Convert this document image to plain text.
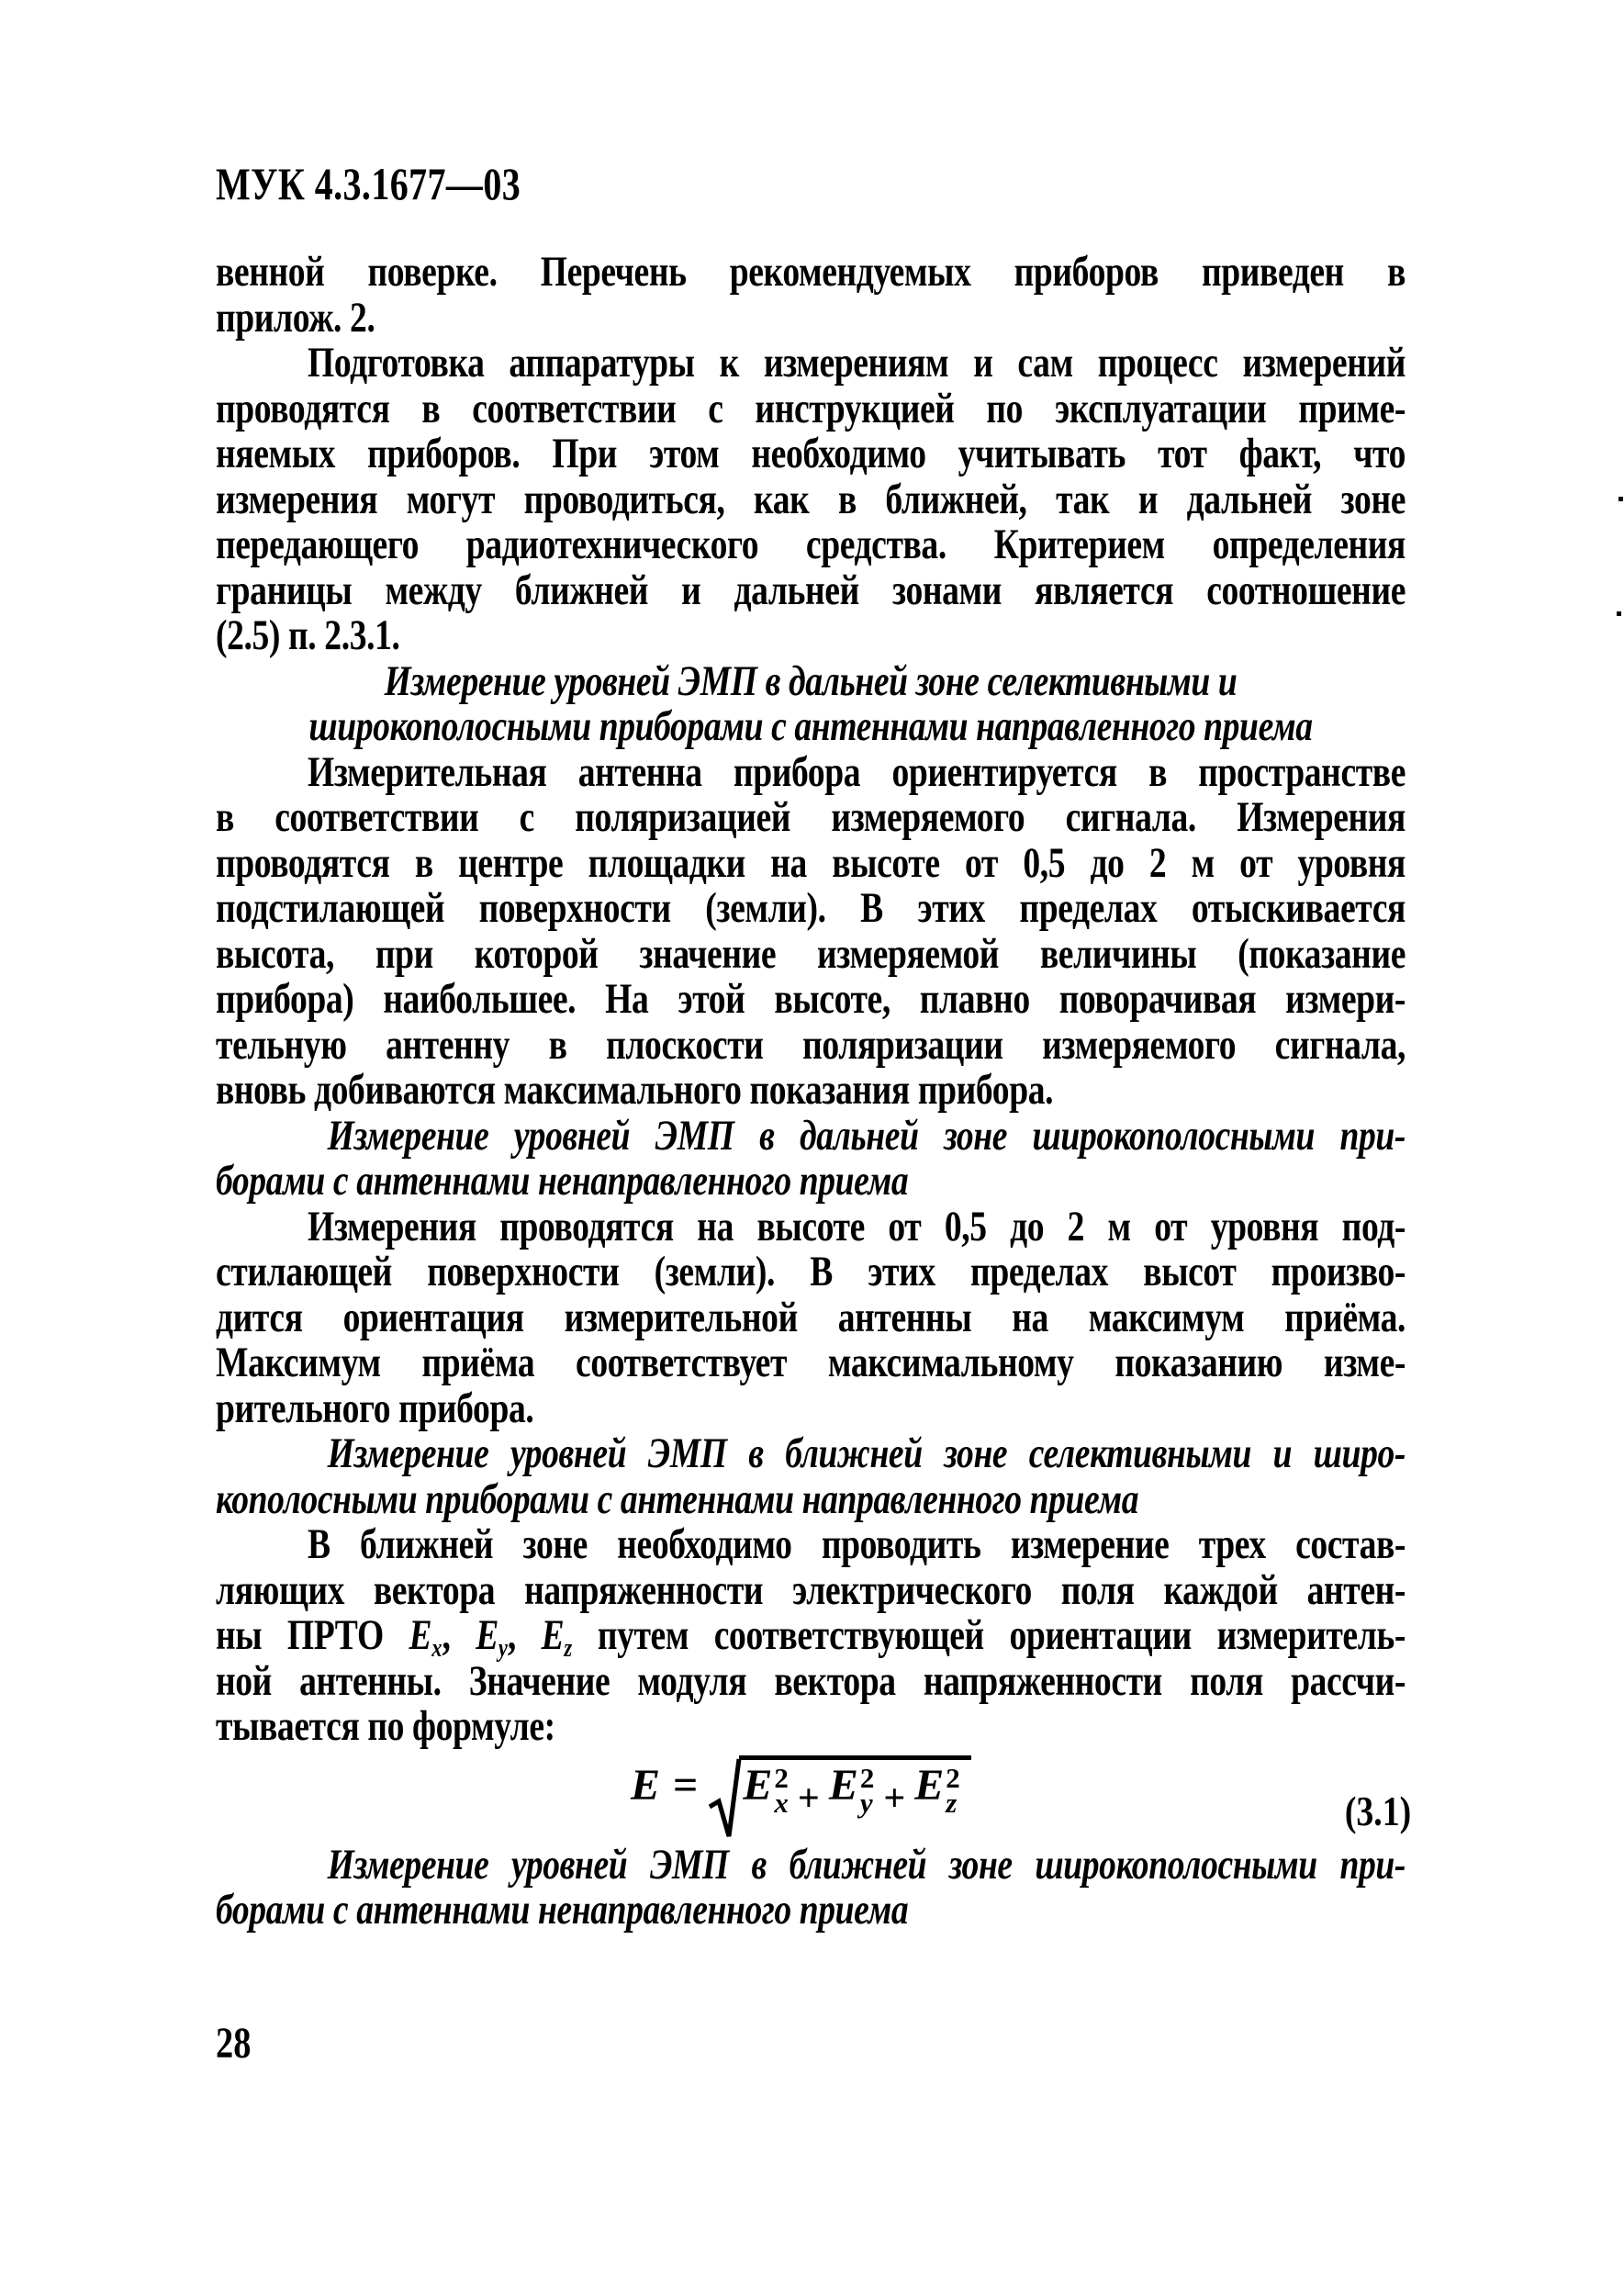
МУК 4.3.1677—03
венной поверке. Перечень рекомендуемых приборов приведен в
прилож. 2.
Подготовка аппаратуры к измерениям и сам процесс измерений
проводятся в соответствии с инструкцией по эксплуатации приме-
няемых приборов. При этом необходимо учитывать тот факт, что
измерения могут проводиться, как в ближней, так и дальней зоне
передающего радиотехнического средства. Критерием определения
границы между ближней и дальней зонами является соотношение
(2.5) п. 2.3.1.
Измерение уровней ЭМП в дальней зоне селективными и
широкополосными приборами с антеннами направленного приема
Измерительная антенна прибора ориентируется в пространстве
в соответствии с поляризацией измеряемого сигнала. Измерения
проводятся в центре площадки на высоте от 0,5 до 2 м от уровня
подстилающей поверхности (земли). В этих пределах отыскивается
высота, при которой значение измеряемой величины (показание
прибора) наибольшее. На этой высоте, плавно поворачивая измери-
тельную антенну в плоскости поляризации измеряемого сигнала,
вновь добиваются максимального показания прибора.
Измерение уровней ЭМП в дальней зоне широкополосными при-
борами с антеннами ненаправленного приема
Измерения проводятся на высоте от 0,5 до 2 м от уровня под-
стилающей поверхности (земли). В этих пределах высот произво-
дится ориентация измерительной антенны на максимум приёма.
Максимум приёма соответствует максимальному показанию изме-
рительного прибора.
Измерение уровней ЭМП в ближней зоне селективными и широ-
кополосными приборами с антеннами направленного приема
В ближней зоне необходимо проводить измерение трех состав-
ляющих вектора напряженности электрического поля каждой антен-
ны ПРТО $E_x$, $E_y$, $E_z$ путем соответствующей ориентации измеритель-
ной антенны. Значение модуля вектора напряженности поля рассчи-
тывается по формуле:
E = E 2
x + E 2
y + E 2
z	(3.1)
Измерение уровней ЭМП в ближней зоне широкополосными при-
борами с антеннами ненаправленного приема
28
